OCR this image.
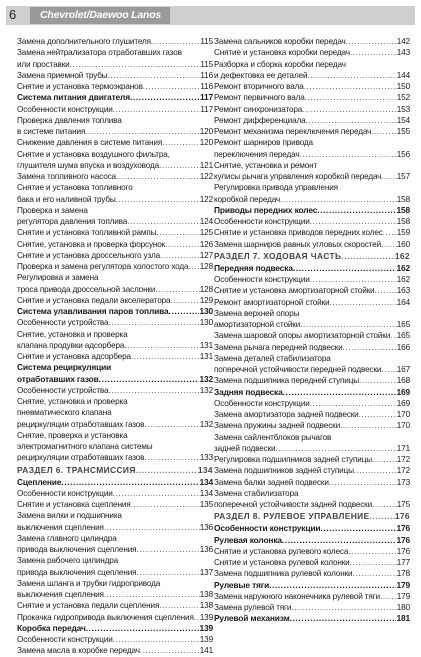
6	Chevrolet/Daewoo Lanos
Замена дополнительного глушителя .....	115
Замена нейтрализатора отработавших газов
или проставки .....	115
Замена приемной трубы .....	116
Снятие и установка термоэкранов .....	116
Система питания двигателя .....	117
Особенности конструкции .....	117
Проверка давления топлива
в системе питания .....	120
Снижение давления в системе питания .....	120
Снятие и установка воздушного фильтра,
глушителя шума впуска и воздуховода .....	121
Замена топливного насоса .....	122
Снятие и установка топливного
бака и его наливной трубы .....	122
Проверка и замена
регулятора давления топлива .....	124
Снятие и установка топливной рампы .....	125
Снятие, установка и проверка форсунок .....	126
Снятие и установка дроссельного узла .....	127
Проверка и замена регулятора холостого хода ..... 128
Регулировка и замена
троса привода дроссельной заслонки .....	128
Снятие и установка педали акселератора .....	129
Система улавливания паров топлива .....	130
Особенности устройства .....	130
Снятие, установка и проверка
клапана продувки адсорбера .....	131
Снятие и установка адсорбера .....	131
Система рециркуляции
отработавших газов .....	132
Особенности устройства .....	132
Снятие, установка и проверка
пневматического клапана
рециркуляции отработавших газов .....	132
Снятие, проверка и установка
электромагнитного клапана системы
рециркуляции отработавших газов .....	133
РАЗДЕЛ 6. ТРАНСМИССИЯ .....	134
Сцепление .....	134
Особенности конструкции .....	134
Снятие и установка сцепления .....	135
Замена вилки и подшипника
выключения сцепления .....	136
Замена главного цилиндра
привода выключения сцепления .....	136
Замена рабочего цилиндра
привода выключения сцепления .....	137
Замена шланга и трубки гидропривода
выключения сцепления .....	138
Снятие и установка педали сцепления .....	138
Прокачка гидропривода выключения сцепления ..... 139
Коробка передач .....	139
Особенности конструкции .....	139
Замена масла в коробке передач .....	141
Замена сальников коробки передач .....	142
Снятие и установка коробки передач .....	143
Разборка и сборка коробки передач
и дефектовка ее деталей .....	144
Ремонт вторичного вала .....	150
Ремонт первичного вала .....	152
Ремонт синхронизатора .....	153
Ремонт дифференциала .....	154
Ремонт механизма переключения передач .....	155
Ремонт шарниров привода
переключения передач .....	156
Снятие, установка и ремонт
кулисы рычага управления коробкой передач ..... 157
Регулировка привода управления
коробкой передач .....	158
Приводы передних колес .....	158
Особенности конструкции .....	158
Снятие и установка приводов передних колес ..... 159
Замена шарниров равных угловых скоростей ..... 160
РАЗДЕЛ 7. ХОДОВАЯ ЧАСТЬ .....	162
Передняя подвеска .....	162
Особенности конструкции .....	162
Снятие и установка амортизаторной стойки .....	163
Ремонт амортизаторной стойки .....	164
Замена верхней опоры
амортизаторной стойки .....	165
Замена шаровой опоры амортизаторной стойки ..... 165
Замена рычага передней подвески .....	166
Замена деталей стабилизатора
поперечной устойчивости передней подвески ..... 167
Замена подшипника передней ступицы .....	168
Задняя подвеска .....	169
Особенности конструкции .....	169
Замена амортизатора задней подвески .....	170
Замена пружины задней подвески .....	170
Замена сайлентблоков рычагов
задней подвески .....	171
Регулировка подшипников задней ступицы .....	172
Замена подшипников задней ступицы .....	172
Замена балки задней подвески .....	173
Замена стабилизатора
поперечной устойчивости задней подвески .....	175
РАЗДЕЛ 8. РУЛЕВОЕ УПРАВЛЕНИЕ .....	176
Особенности конструкции .....	176
Рулевая колонка .....	176
Снятие и установка рулевого колеса .....	176
Снятие и установка рулевой колонки .....	177
Замена подшипника рулевой колонки .....	178
Рулевые тяги .....	179
Замена наружного наконечника рулевой тяги ..... 179
Замена рулевой тяги .....	180
Рулевой механизм .....	181
